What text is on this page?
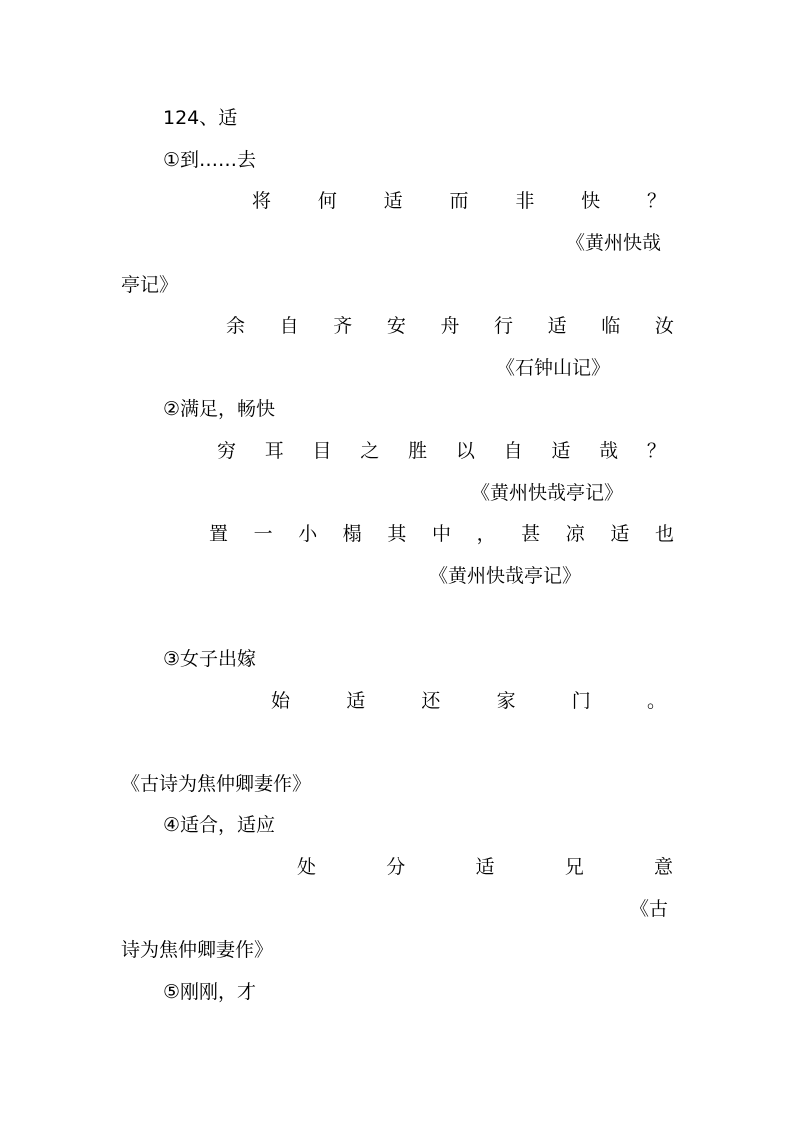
124、适
①到……去
将 何 适 而 非 快 ？
《黄州快哉
亭记》
余 自 齐 安 舟 行 适 临 汝
《石钟山记》
②满足，畅快
穷 耳 目 之 胜 以 自 适 哉 ？
《黄州快哉亭记》
置 一 小 榻 其 中 ， 甚 凉 适 也
《黄州快哉亭记》
③女子出嫁
始	适	还	家	门	。
《古诗为焦仲卿妻作》
④适合，适应
处	分	适	兄	意
《古
诗为焦仲卿妻作》
⑤刚刚，才
